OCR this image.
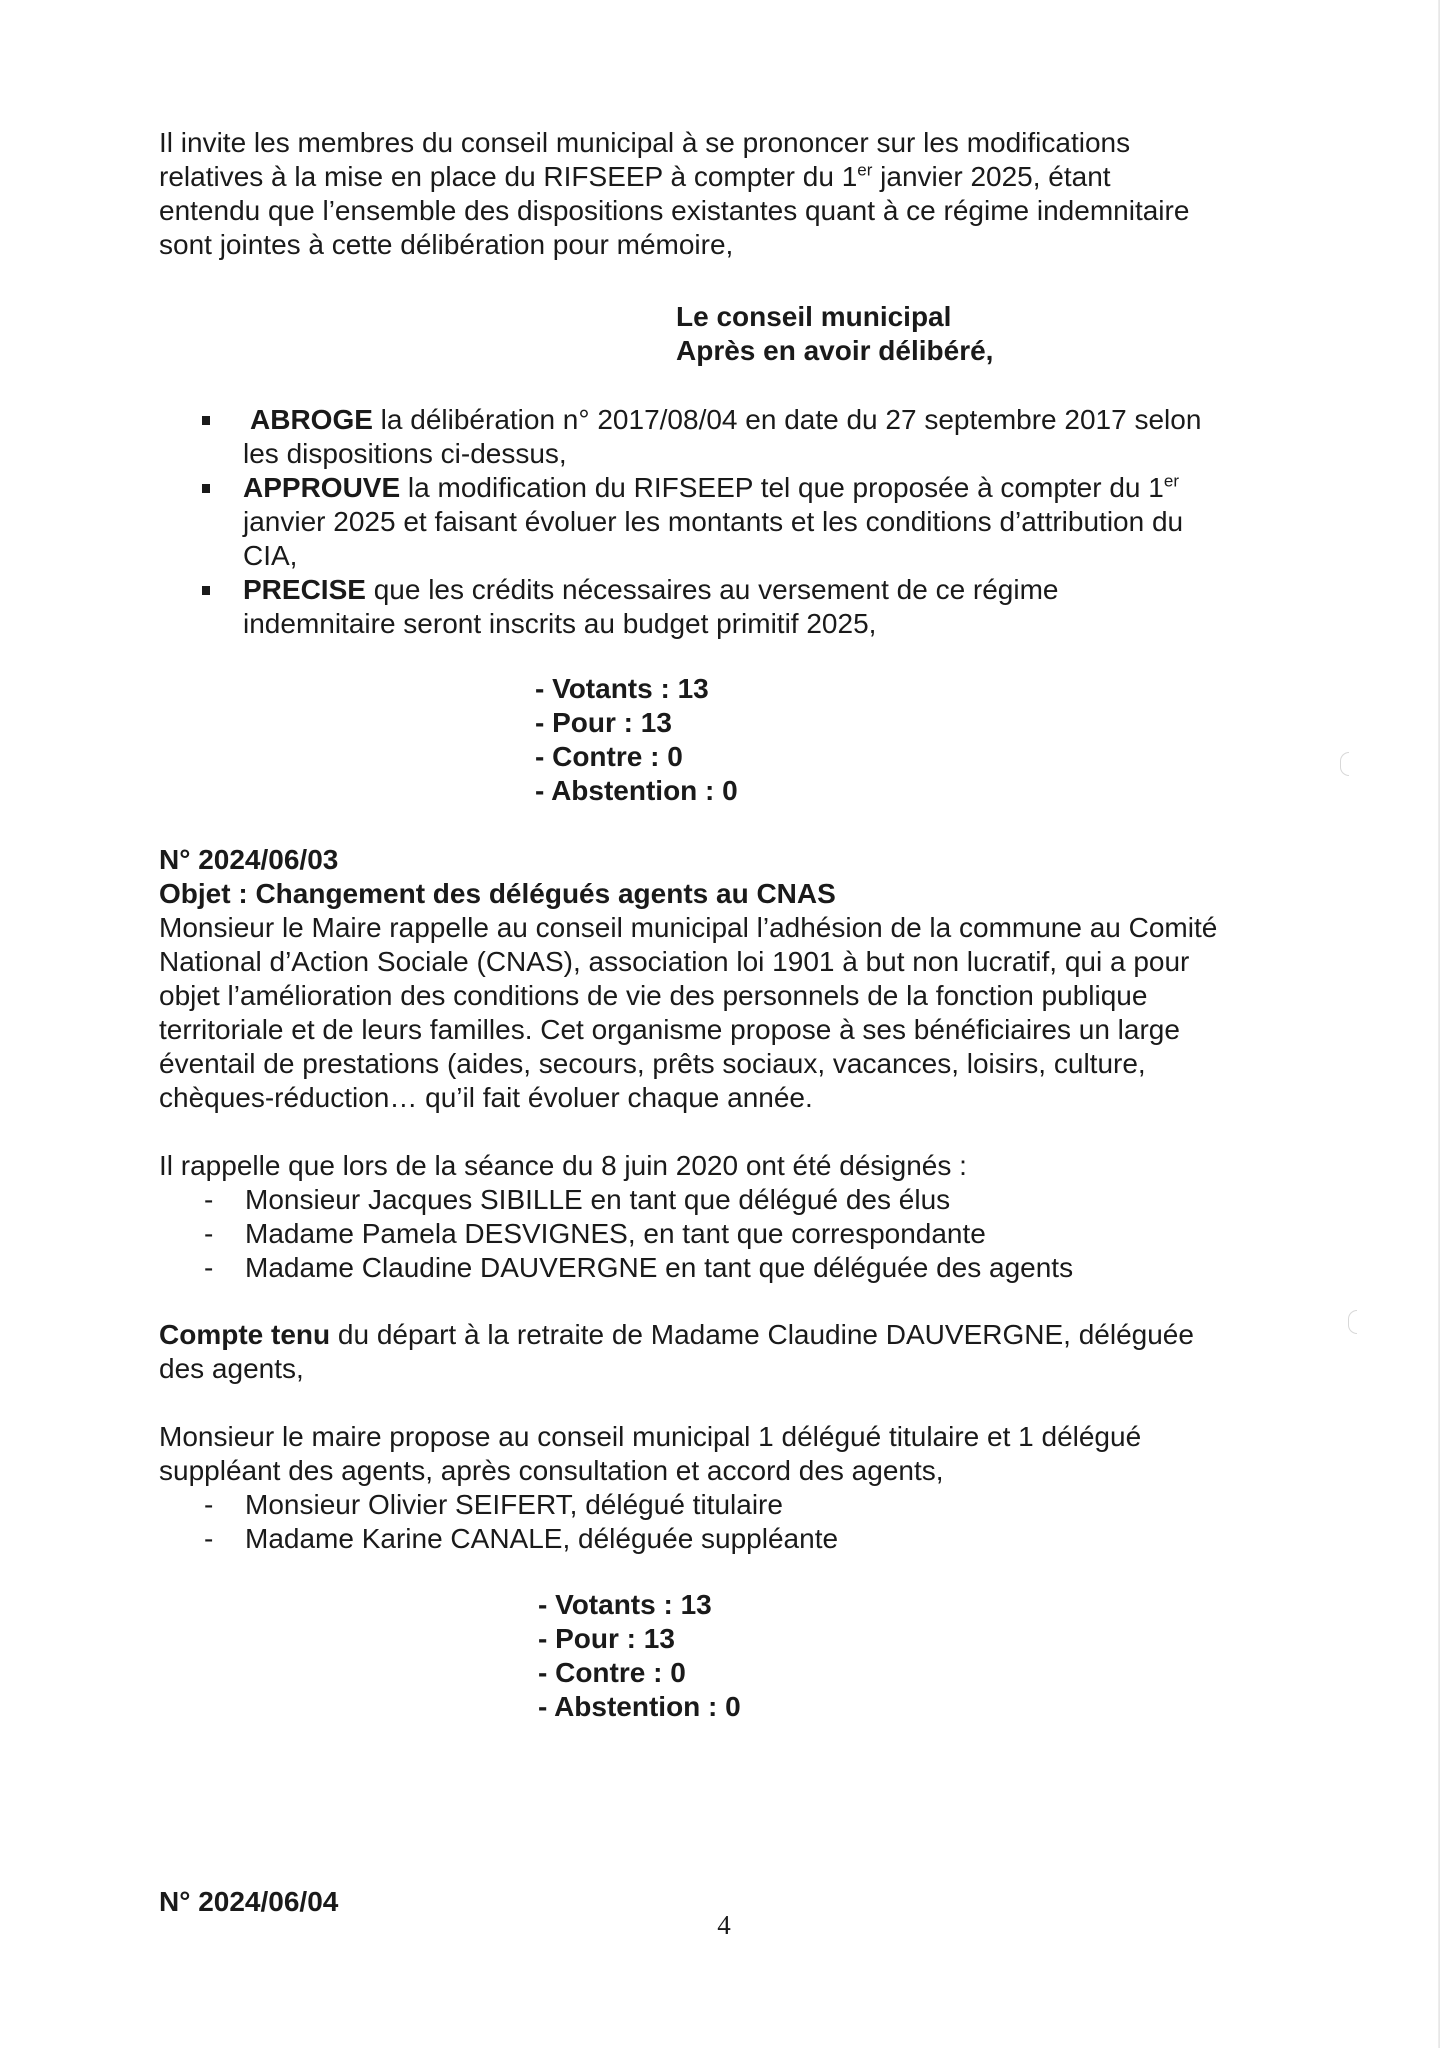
Il invite les membres du conseil municipal à se prononcer sur les modifications
relatives à la mise en place du RIFSEEP à compter du 1er janvier 2025, étant
entendu que l’ensemble des dispositions existantes quant à ce régime indemnitaire
sont jointes à cette délibération pour mémoire,
Le conseil municipal
Après en avoir délibéré,
ABROGE la délibération n° 2017/08/04 en date du 27 septembre 2017 selon
les dispositions ci-dessus,
APPROUVE la modification du RIFSEEP tel que proposée à compter du 1er
janvier 2025 et faisant évoluer les montants et les conditions d’attribution du
CIA,
PRECISE que les crédits nécessaires au versement de ce régime
indemnitaire seront inscrits au budget primitif 2025,
- Votants : 13
- Pour : 13
- Contre : 0
- Abstention : 0
N° 2024/06/03
Objet : Changement des délégués agents au CNAS
Monsieur le Maire rappelle au conseil municipal l’adhésion de la commune au Comité
National d’Action Sociale (CNAS), association loi 1901 à but non lucratif, qui a pour
objet l’amélioration des conditions de vie des personnels de la fonction publique
territoriale et de leurs familles. Cet organisme propose à ses bénéficiaires un large
éventail de prestations (aides, secours, prêts sociaux, vacances, loisirs, culture,
chèques-réduction… qu’il fait évoluer chaque année.
Il rappelle que lors de la séance du 8 juin 2020 ont été désignés :
- Monsieur Jacques SIBILLE en tant que délégué des élus
- Madame Pamela DESVIGNES, en tant que correspondante
- Madame Claudine DAUVERGNE en tant que déléguée des agents
Compte tenu du départ à la retraite de Madame Claudine DAUVERGNE, déléguée
des agents,
Monsieur le maire propose au conseil municipal 1 délégué titulaire et 1 délégué
suppléant des agents, après consultation et accord des agents,
- Monsieur Olivier SEIFERT, délégué titulaire
- Madame Karine CANALE, déléguée suppléante
- Votants : 13
- Pour : 13
- Contre : 0
- Abstention : 0
N° 2024/06/04
4
